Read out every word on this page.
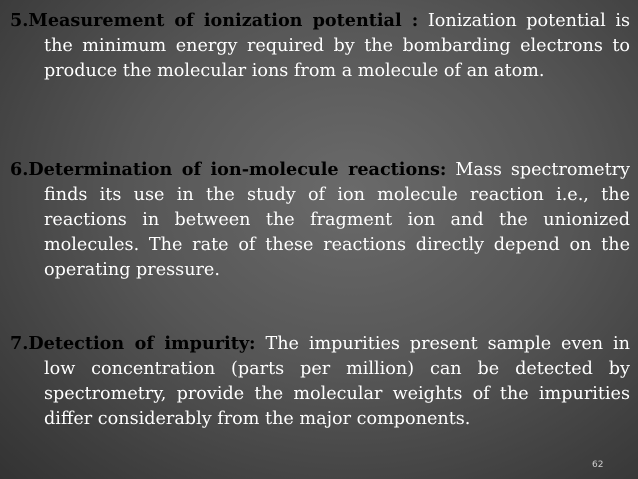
5.Measurement of ionization potential : Ionization potential is the minimum energy required by the bombarding electrons to produce the molecular ions from a molecule of an atom.
6.Determination of ion-molecule reactions: Mass spectrometry finds its use in the study of ion molecule reaction i.e., the reactions in between the fragment ion and the unionized molecules. The rate of these reactions directly depend on the operating pressure.
7.Detection of impurity: The impurities present sample even in low concentration (parts per million) can be detected by spectrometry, provide the molecular weights of the impurities differ considerably from the major components.
62
